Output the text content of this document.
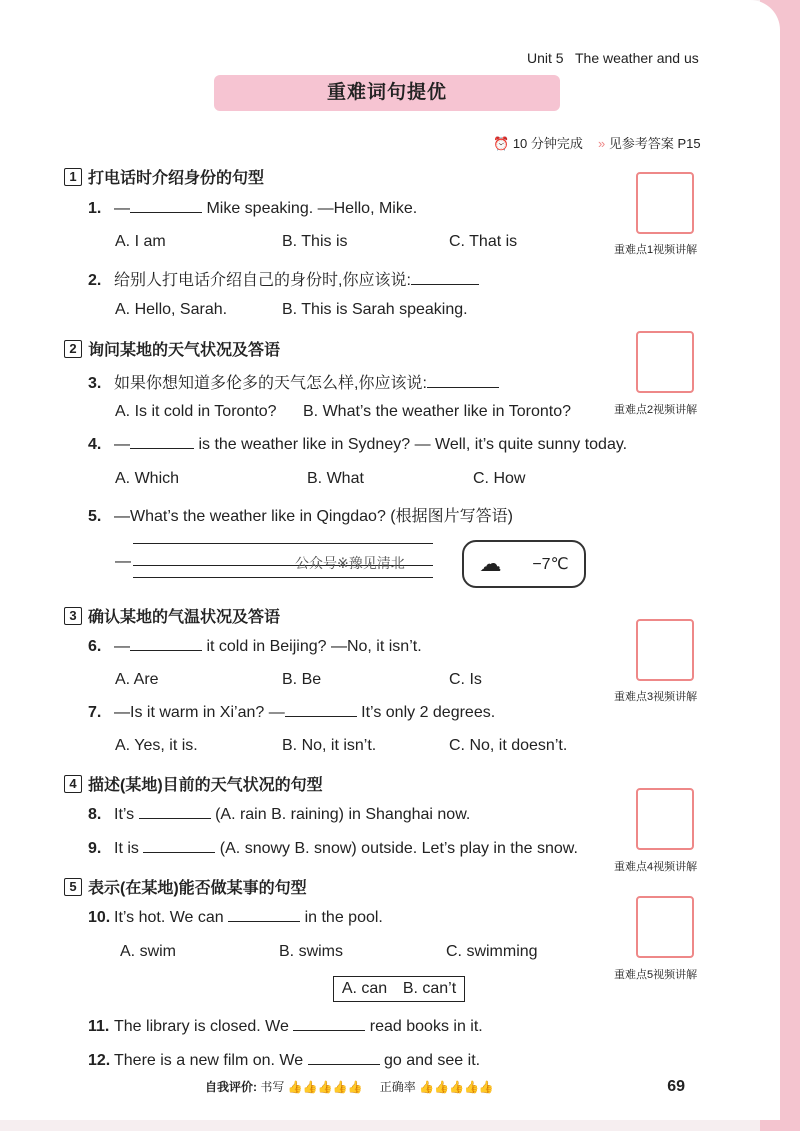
Unit 5   The weather and us
重难词句提优
⏰ 10 分钟完成 » 见参考答案 P15
1 打电话时介绍身份的句型
1. —	Mike speaking. —Hello, Mike.
A. I am	B. This is	C. That is
2. 给别人打电话介绍自己的身份时,你应该说:
A. Hello, Sarah.	B. This is Sarah speaking.
重难点1视频讲解
2 询问某地的天气状况及答语
3. 如果你想知道多伦多的天气怎么样,你应该说:
A. Is it cold in Toronto? B. What’s the weather like in Toronto?
4. —	is the weather like in Sydney? — Well, it’s quite sunny today.
A. Which	B. What	C. How
5. —What’s the weather like in Qingdao? (根据图片写答语)
—	公众号※豫见清北	☁ −7℃
重难点2视频讲解
3 确认某地的气温状况及答语
6. —	it cold in Beijing? —No, it isn’t.
A. Are	B. Be	C. Is
7. —Is it warm in Xi’an? —	It’s only 2 degrees.
A. Yes, it is.	B. No, it isn’t.	C. No, it doesn’t.
重难点3视频讲解
4 描述(某地)目前的天气状况的句型
8. It’s	(A. rain B. raining) in Shanghai now.
9. It is	(A. snowy B. snow) outside. Let’s play in the snow.
重难点4视频讲解
5 表示(在某地)能否做某事的句型
10. It’s hot. We can	in the pool.
A. swim	B. swims	C. swimming
A. can B. can’t
11. The library is closed. We	read books in it.
12. There is a new film on. We	go and see it.
重难点5视频讲解
自我评价: 书写 👍👍👍👍👍 正确率 👍👍👍👍👍	69
